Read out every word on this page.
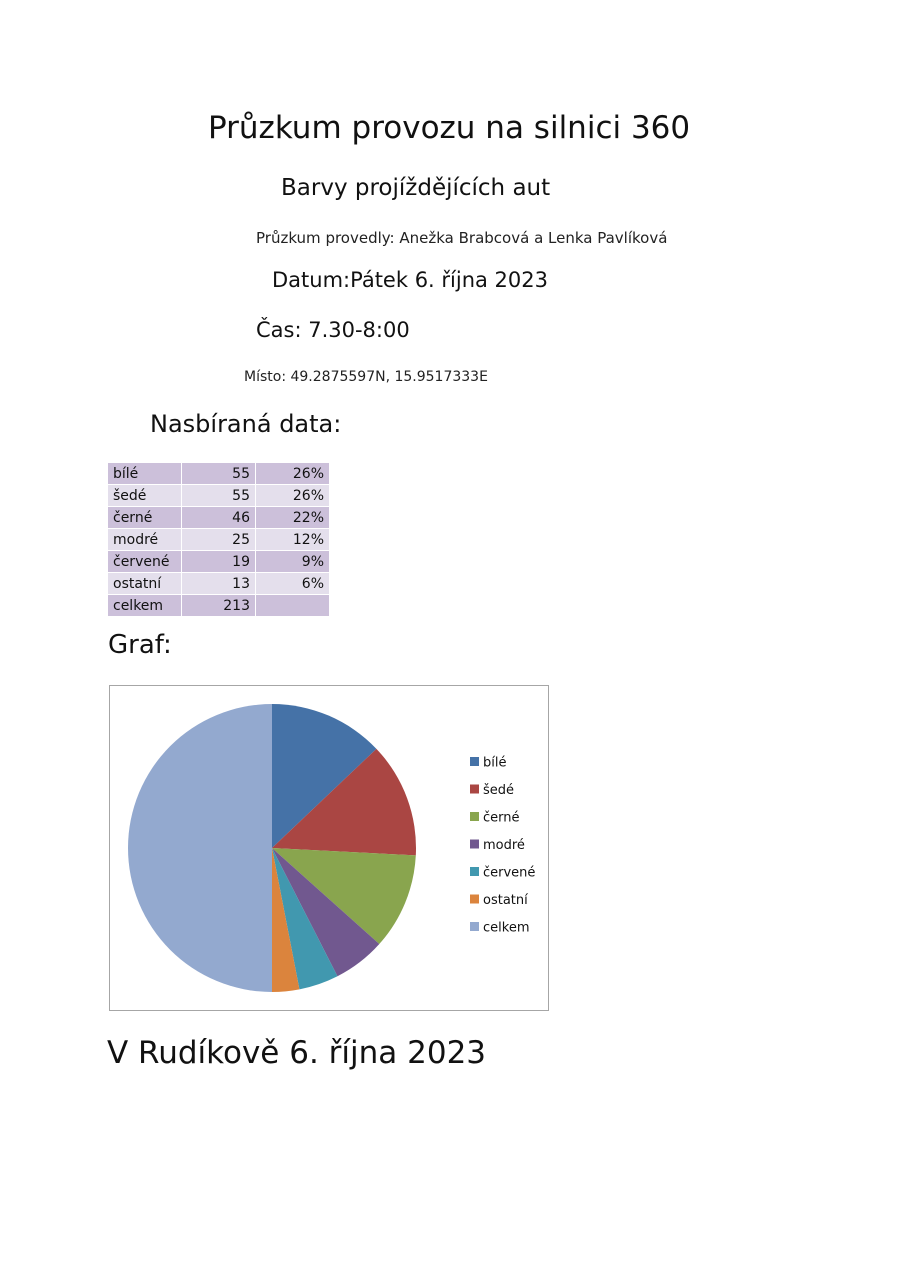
Průzkum provozu na silnici 360
Barvy projíždějících aut
Průzkum provedly: Anežka Brabcová a Lenka Pavlíková
Datum:Pátek 6. října 2023
Čas: 7.30-8:00
Místo: 49.2875597N, 15.9517333E
Nasbíraná data:
bílé	55	26%
šedé	55	26%
černé	46	22%
modré	25	12%
červené	19	9%
ostatní	13	6%
celkem	213	
Graf:
bílé
šedé
černé
modré
červené
ostatní
celkem
V Rudíkově 6. října 2023
